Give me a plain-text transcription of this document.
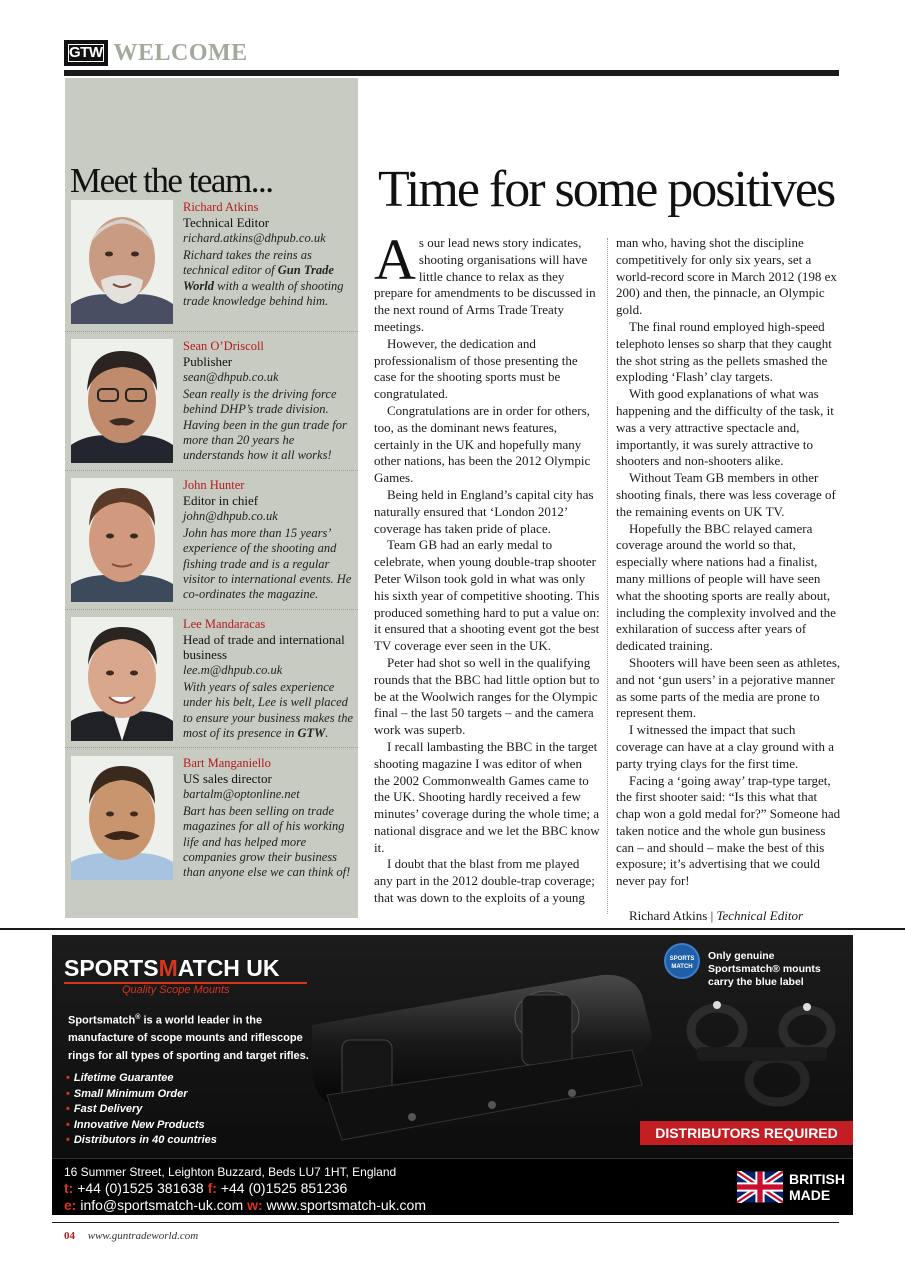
GTW WELCOME
Meet the team...
Richard Atkins
Technical Editor
richard.atkins@dhpub.co.uk
Richard takes the reins as technical editor of Gun Trade World with a wealth of shooting trade knowledge behind him.
Sean O’Driscoll
Publisher
sean@dhpub.co.uk
Sean really is the driving force behind DHP’s trade division. Having been in the gun trade for more than 20 years he understands how it all works!
John Hunter
Editor in chief
john@dhpub.co.uk
John has more than 15 years’ experience of the shooting and fishing trade and is a regular visitor to international events. He co-ordinates the magazine.
Lee Mandaracas
Head of trade and international business
lee.m@dhpub.co.uk
With years of sales experience under his belt, Lee is well placed to ensure your business makes the most of its presence in GTW.
Bart Manganiello
US sales director
bartalm@optonline.net
Bart has been selling on trade magazines for all of his working life and has helped more companies grow their business than anyone else we can think of!
Time for some positives

As our lead news story indicates, shooting organisations will have little chance to relax as they prepare for amendments to be discussed in the next round of Arms Trade Treaty meetings.

However, the dedication and professionalism of those presenting the case for the shooting sports must be congratulated.

Congratulations are in order for others, too, as the dominant news features, certainly in the UK and hopefully many other nations, has been the 2012 Olympic Games.

Being held in England’s capital city has naturally ensured that ‘London 2012’ coverage has taken pride of place.

Team GB had an early medal to celebrate, when young double-trap shooter Peter Wilson took gold in what was only his sixth year of competitive shooting. This produced something hard to put a value on: it ensured that a shooting event got the best TV coverage ever seen in the UK.

Peter had shot so well in the qualifying rounds that the BBC had little option but to be at the Woolwich ranges for the Olympic final – the last 50 targets – and the camera work was superb.

I recall lambasting the BBC in the target shooting magazine I was editor of when the 2002 Commonwealth Games came to the UK. Shooting hardly received a few minutes’ coverage during the whole time; a national disgrace and we let the BBC know it.

I doubt that the blast from me played any part in the 2012 double-trap coverage; that was down to the exploits of a young

man who, having shot the discipline competitively for only six years, set a world-record score in March 2012 (198 ex 200) and then, the pinnacle, an Olympic gold.

The final round employed high-speed telephoto lenses so sharp that they caught the shot string as the pellets smashed the exploding ‘Flash’ clay targets.

With good explanations of what was happening and the difficulty of the task, it was a very attractive spectacle and, importantly, it was surely attractive to shooters and non-shooters alike.

Without Team GB members in other shooting finals, there was less coverage of the remaining events on UK TV.

Hopefully the BBC relayed camera coverage around the world so that, especially where nations had a finalist, many millions of people will have seen what the shooting sports are really about, including the complexity involved and the exhilaration of success after years of dedicated training.

Shooters will have been seen as athletes, and not ‘gun users’ in a pejorative manner as some parts of the media are prone to represent them.

I witnessed the impact that such coverage can have at a clay ground with a party trying clays for the first time.

Facing a ‘going away’ trap-type target, the first shooter said: “Is this what that chap won a gold medal for?” Someone had taken notice and the whole gun business can – and should – make the best of this exposure; it’s advertising that we could never pay for!

Richard Atkins | Technical Editor

SPORTSMATCH UK
Quality Scope Mounts
Sportsmatch® is a world leader in the manufacture of scope mounts and riflescope rings for all types of sporting and target rifles.
• Lifetime Guarantee
• Small Minimum Order
• Fast Delivery
• Innovative New Products
• Distributors in 40 countries
SPORTS MATCH
Only genuine Sportsmatch® mounts carry the blue label
DISTRIBUTORS REQUIRED
16 Summer Street, Leighton Buzzard, Beds LU7 1HT, England
t: +44 (0)1525 381638 f: +44 (0)1525 851236
e: info@sportsmatch-uk.com w: www.sportsmatch-uk.com
BRITISH
MADE
04 www.guntradeworld.com
